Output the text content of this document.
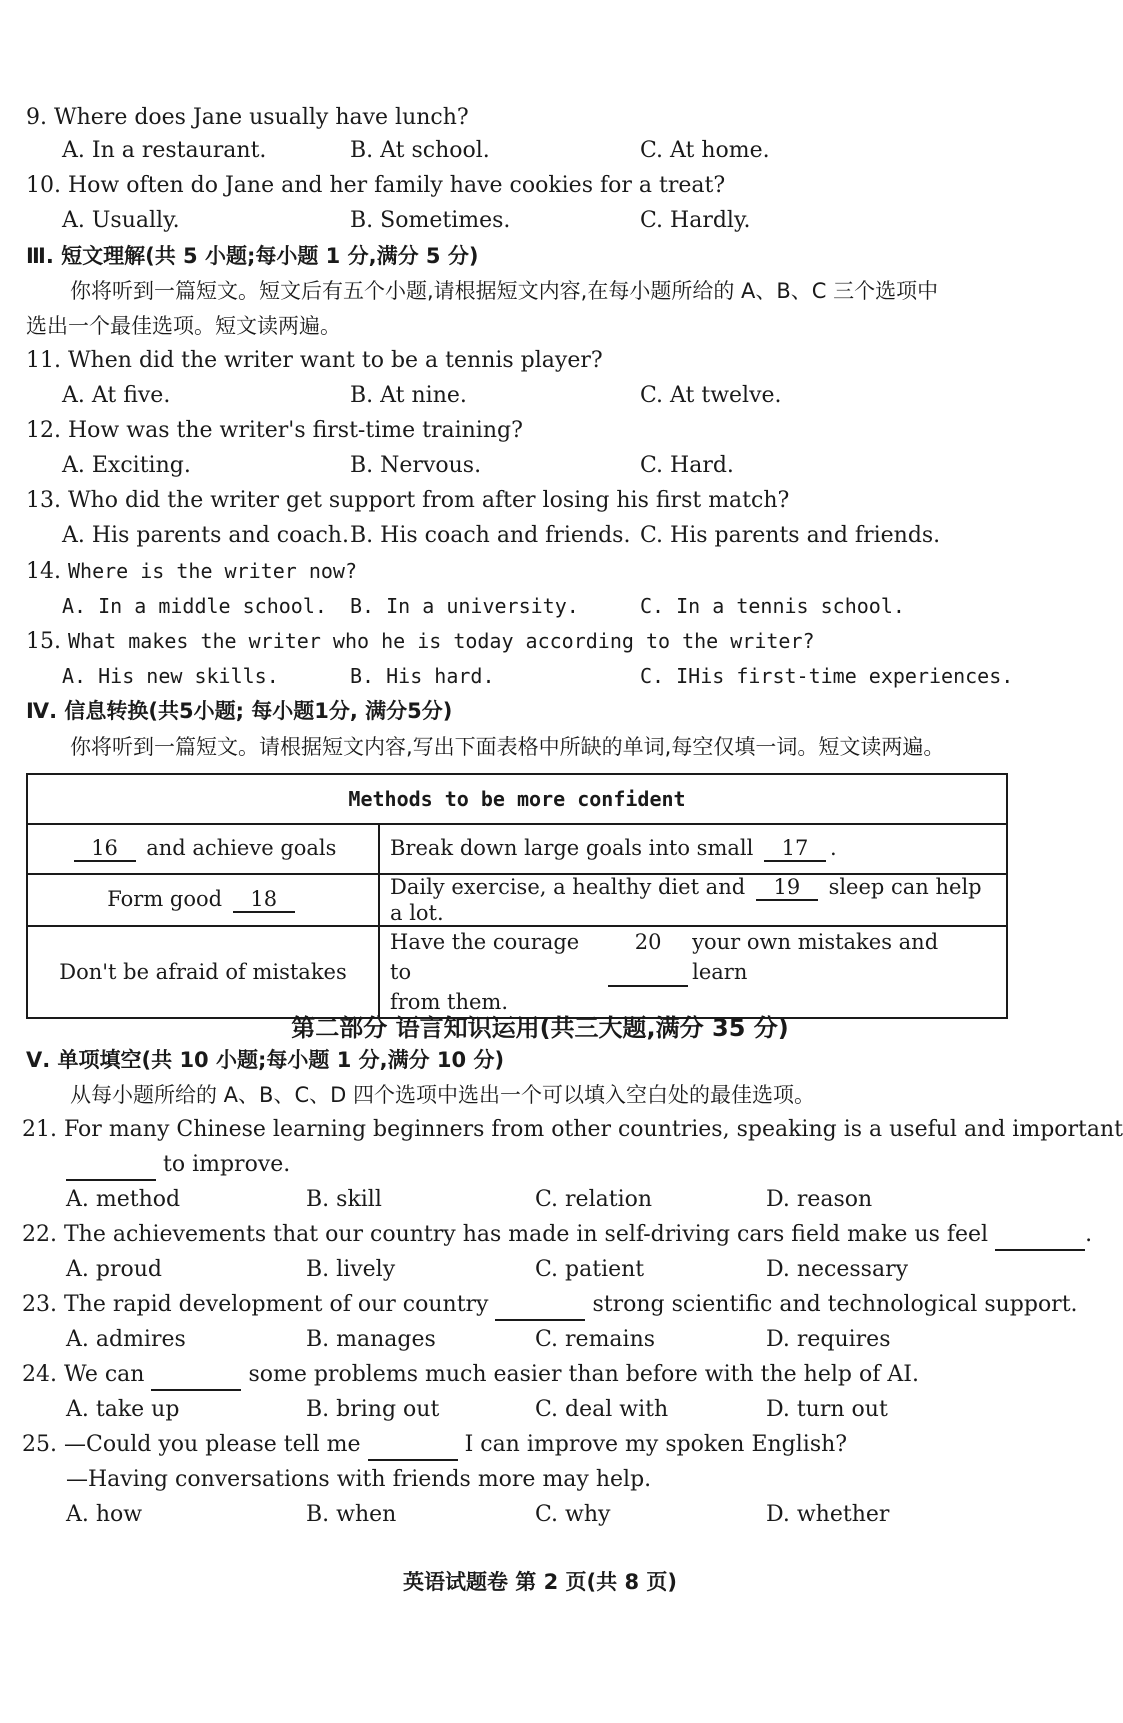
9. Where does Jane usually have lunch?
A. In a restaurant.	B. At school.	C. At home.
10. How often do Jane and her family have cookies for a treat?
A. Usually.	B. Sometimes.	C. Hardly.
Ⅲ. 短文理解(共 5 小题;每小题 1 分,满分 5 分)
你将听到一篇短文。短文后有五个小题,请根据短文内容,在每小题所给的 A、B、C 三个选项中
选出一个最佳选项。短文读两遍。
11. When did the writer want to be a tennis player?
A. At five.	B. At nine.	C. At twelve.
12. How was the writer's first-time training?
A. Exciting.	B. Nervous.	C. Hard.
13. Who did the writer get support from after losing his first match?
A. His parents and coach. B. His coach and friends. C. His parents and friends.
14. Where is the writer now?
A. In a middle school. B. In a university.	C. In a tennis school.
15. What makes the writer who he is today according to the writer?
A. His new skills.	B. His hard.	C. IHis first-time experiences.
Ⅳ. 信息转换(共5小题; 每小题1分, 满分5分)
你将听到一篇短文。请根据短文内容,写出下面表格中所缺的单词,每空仅填一词。短文读两遍。
Methods to be more confident	
16 and achieve goals	Break down large goals into small 17 .
Form good 18	Daily exercise, a healthy diet and 19 sleep can help a lot.
Don't be afraid of mistakes	Have the courage to
20 your own mistakes and learn
from them.
第二部分 语言知识运用(共三大题,满分 35 分)
Ⅴ. 单项填空(共 10 小题;每小题 1 分,满分 10 分)
从每小题所给的 A、B、C、D 四个选项中选出一个可以填入空白处的最佳选项。
21. For many Chinese learning beginners from other countries, speaking is a useful and important
to improve.
A. method	B. skill	C. relation	D. reason
22. The achievements that our country has made in self-driving cars field make us feel	.
A. proud	B. lively	C. patient	D. necessary
23. The rapid development of our country	strong scientific and technological support.
A. admires	B. manages	C. remains	D. requires
24. We can	some problems much easier than before with the help of AI.
A. take up	B. bring out	C. deal with	D. turn out
25. —Could you please tell me	I can improve my spoken English?
—Having conversations with friends more may help.
A. how	B. when	C. why	D. whether
英语试题卷 第 2 页(共 8 页)
